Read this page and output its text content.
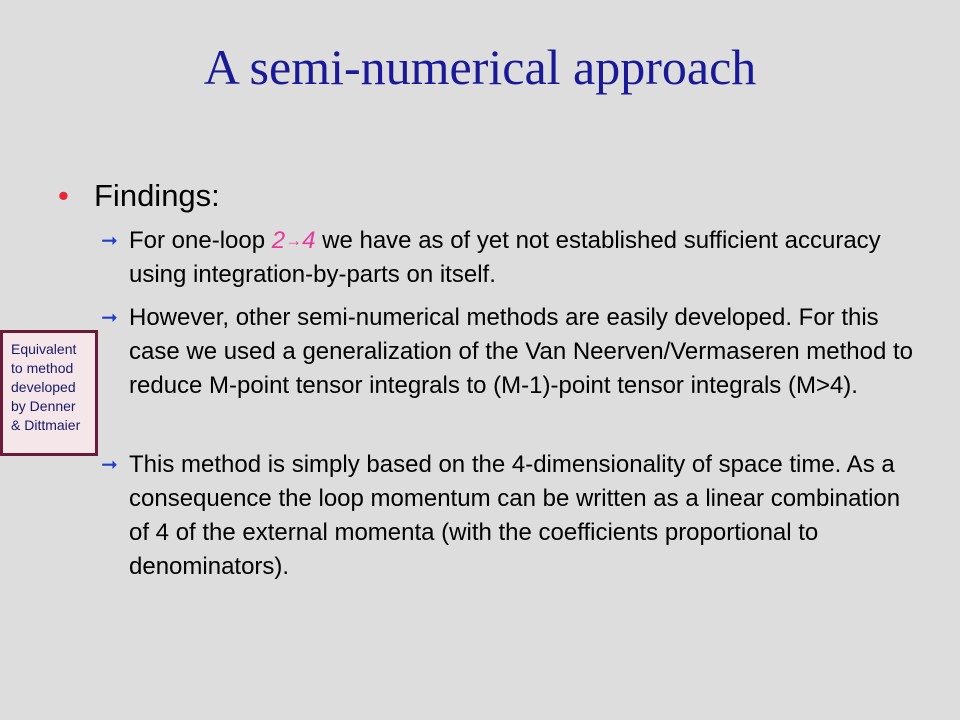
A semi-numerical approach
• Findings:
➞ For one-loop 2→4 we have as of yet not established sufficient accuracy using integration-by-parts on itself.
➞ However, other semi-numerical methods are easily developed. For this case we used a generalization of the Van Neerven/Vermaseren method to reduce M-point tensor integrals to (M-1)-point tensor integrals (M>4).
➞ This method is simply based on the 4-dimensionality of space time. As a consequence the loop momentum can be written as a linear combination of 4 of the external momenta (with the coefficients proportional to denominators).
Equivalent
to method
developed
by Denner
& Dittmaier
